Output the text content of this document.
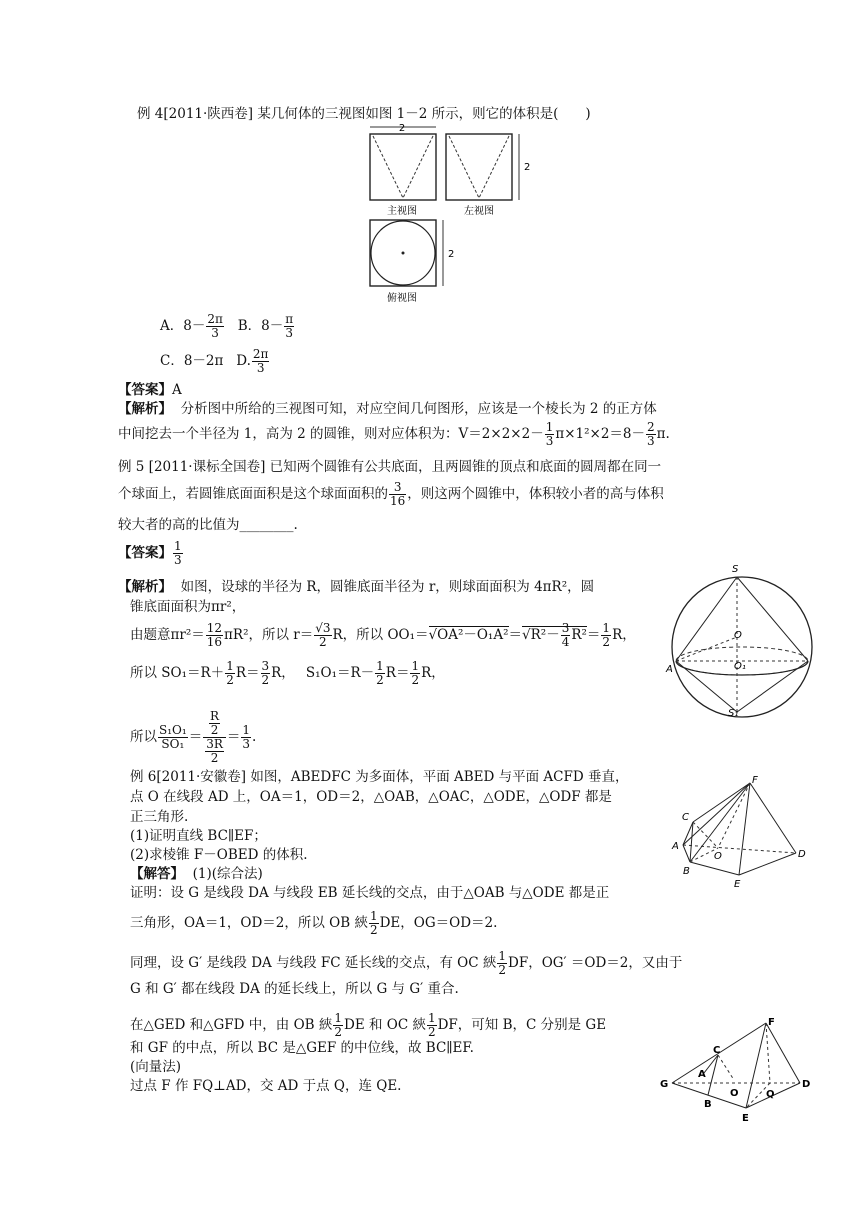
例 4[2011·陕西卷] 某几何体的三视图如图 1－2 所示，则它的体积是(　　)
2
主视图
2
左视图
2
俯视图
A．$8- \frac{2\pi}{3}$ B．$8- \frac{\pi}{3}$
C．8－2π D. $\frac{2\pi}{3}$
【答案】A
【解析】 分析图中所给的三视图可知，对应空间几何图形，应该是一个棱长为 2 的正方体
中间挖去一个半径为 1，高为 2 的圆锥，则对应体积为：$V=2\times 2\times 2- \frac{1}{3} \pi\times 1^2\times 2=8- \frac{2}{3} \pi$.
例 5 [2011·课标全国卷] 已知两个圆锥有公共底面，且两圆锥的顶点和底面的圆周都在同一
个球面上，若圆锥底面面积是这个球面面积的 $\frac{3}{16}$ ，则这两个圆锥中，体积较小者的高与体积
较大者的高的比值为________.
【答案】 $\frac{1}{3}$
【解析】 如图，设球的半径为 R，圆锥底面半径为 r，则球面面积为 4πR²，圆
锥底面面积为πr²，
由题意$\pi r^2= \frac{12}{16} \pi R^2$，所以 $r= \frac{√3}{2}$ R，所以 $OO_1=√OA^2-O_1A^2=√R^2- \frac{3}{4} R^2= \frac{1}{2}$ R，
所以 $SO_1=R+ \frac{1}{2} R= \frac{3}{2}$ R，　 $S_1O_1=R- \frac{1}{2} R= \frac{1}{2}$ R，
所以 $\frac{\text{S₁O₁}}{\text{SO₁}} = \frac{\frac{R}{2}}{\frac{3R}{2}} = \frac{1}{3}$ .
S
O
O₁
A
S₁
例 6[2011·安徽卷] 如图，ABEDFC 为多面体，平面 ABED 与平面 ACFD 垂直，
点 O 在线段 AD 上，OA＝1，OD＝2，△OAB，△OAC，△ODE，△ODF 都是
正三角形.
(1)证明直线 BC∥EF；
(2)求棱锥 F－OBED 的体积.
【解答】 (1)(综合法)
证明：设 G 是线段 DA 与线段 EB 延长线的交点，由于△OAB 与△ODE 都是正
三角形，OA＝1，OD＝2，所以 OB 綊 $\frac{1}{2}$ DE，OG＝OD＝2.
同理，设 G′ 是线段 DA 与线段 FC 延长线的交点，有 OC 綊 $\frac{1}{2}$ DF，OG′ ＝OD＝2，又由于
G 和 G′ 都在线段 DA 的延长线上，所以 G 与 G′ 重合.
在△GED 和△GFD 中，由 OB 綊 $\frac{1}{2}$ DE 和 OC 綊 $\frac{1}{2}$ DF，可知 B，C 分别是 GE
和 GF 的中点，所以 BC 是△GEF 的中位线，故 BC∥EF.
(向量法)
过点 F 作 FQ⊥AD，交 AD 于点 Q，连 QE.
F
C
A
O	D
B
E
F
C
G
A
O	Q
D
B
E
